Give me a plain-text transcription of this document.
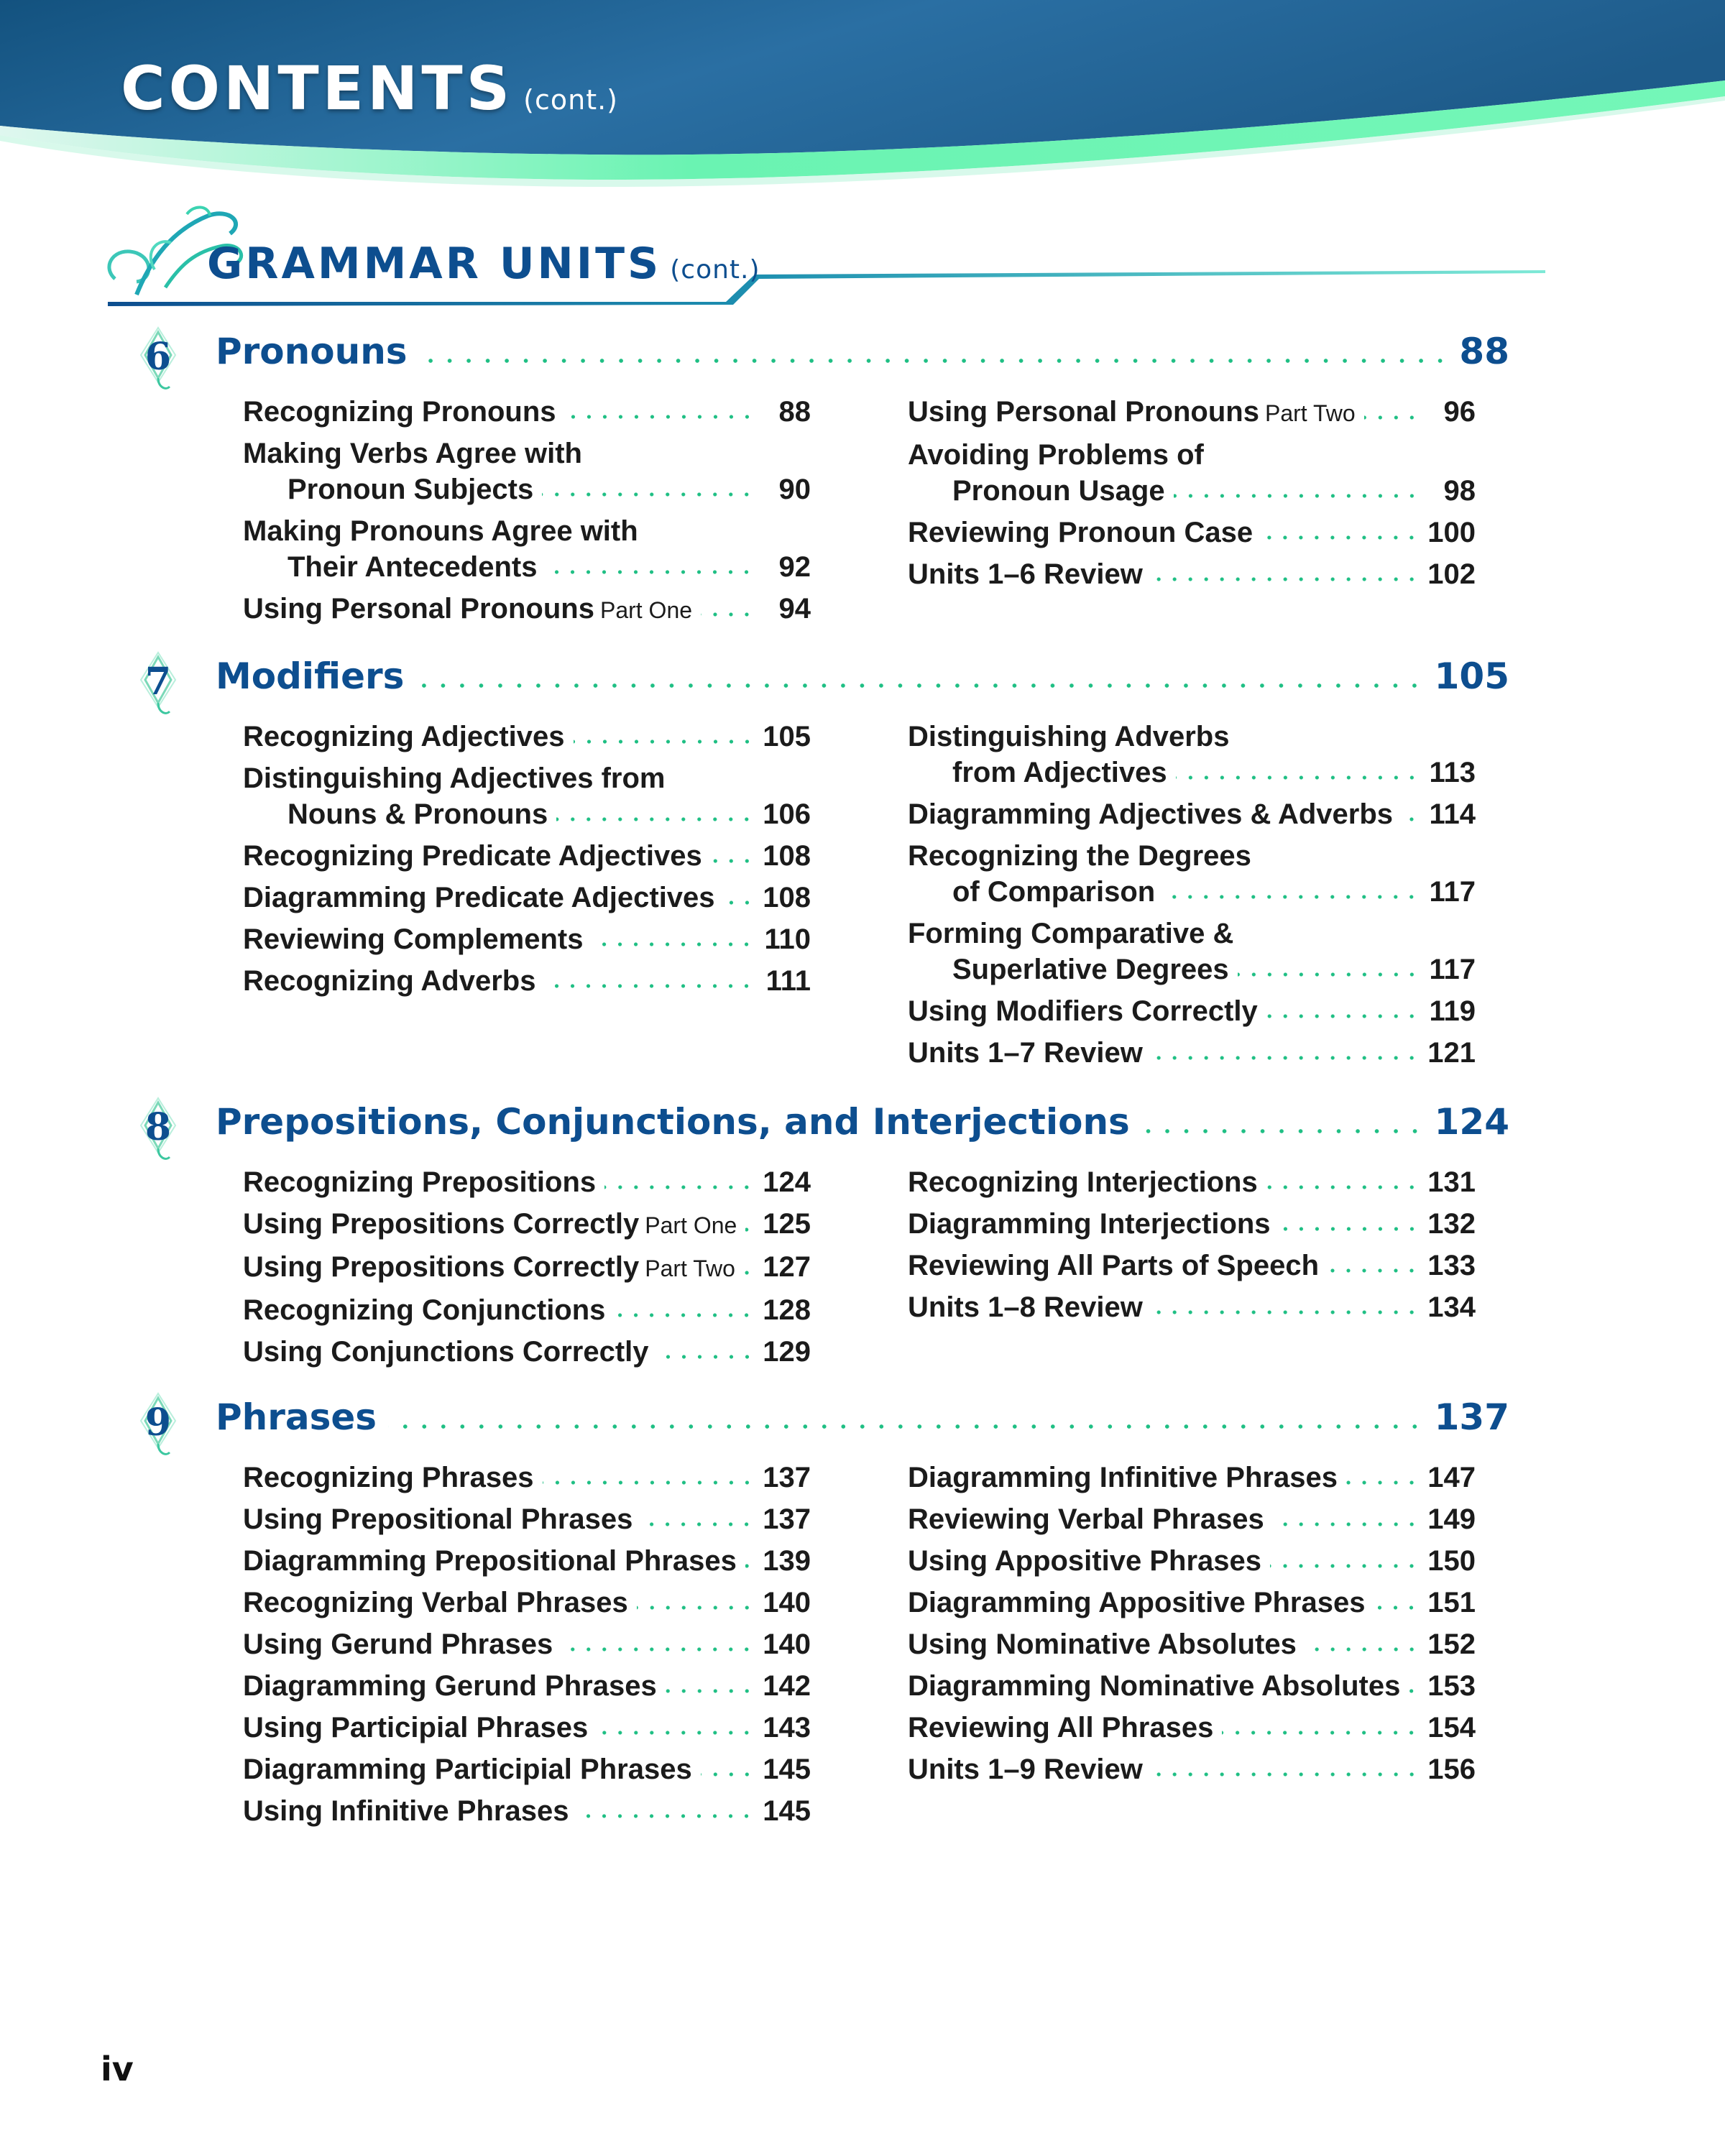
CONTENTS (cont.)
GRAMMAR UNITS (cont.)
6 Pronouns	88
Recognizing Pronouns	88
Making Verbs Agree with
Pronoun Subjects	90
Making Pronouns Agree with
Their Antecedents	92
Using Personal Pronouns Part One	94
Using Personal Pronouns Part Two	96
Avoiding Problems of
Pronoun Usage	98
Reviewing Pronoun Case	100
Units 1–6 Review	102
7 Modifiers	105
Recognizing Adjectives	105
Distinguishing Adjectives from
Nouns & Pronouns	106
Recognizing Predicate Adjectives 108
Diagramming Predicate Adjectives 108
Reviewing Complements	110
Recognizing Adverbs	111
Distinguishing Adverbs
from Adjectives	113
Diagramming Adjectives & Adverbs 114
Recognizing the Degrees
of Comparison	117
Forming Comparative &
Superlative Degrees	117
Using Modifiers Correctly	119
Units 1–7 Review	121
8 Prepositions, Conjunctions, and Interjections	124
Recognizing Prepositions	124
Using Prepositions Correctly Part One 125
Using Prepositions Correctly Part Two 127
Recognizing Conjunctions	128
Using Conjunctions Correctly	129
Recognizing Interjections	131
Diagramming Interjections	132
Reviewing All Parts of Speech	133
Units 1–8 Review	134
9 Phrases	137
Recognizing Phrases	137
Using Prepositional Phrases	137
Diagramming Prepositional Phrases 139
Recognizing Verbal Phrases	140
Using Gerund Phrases	140
Diagramming Gerund Phrases	142
Using Participial Phrases	143
Diagramming Participial Phrases 145
Using Infinitive Phrases	145
Diagramming Infinitive Phrases	147
Reviewing Verbal Phrases	149
Using Appositive Phrases	150
Diagramming Appositive Phrases 151
Using Nominative Absolutes	152
Diagramming Nominative Absolutes 153
Reviewing All Phrases	154
Units 1–9 Review	156
iv
